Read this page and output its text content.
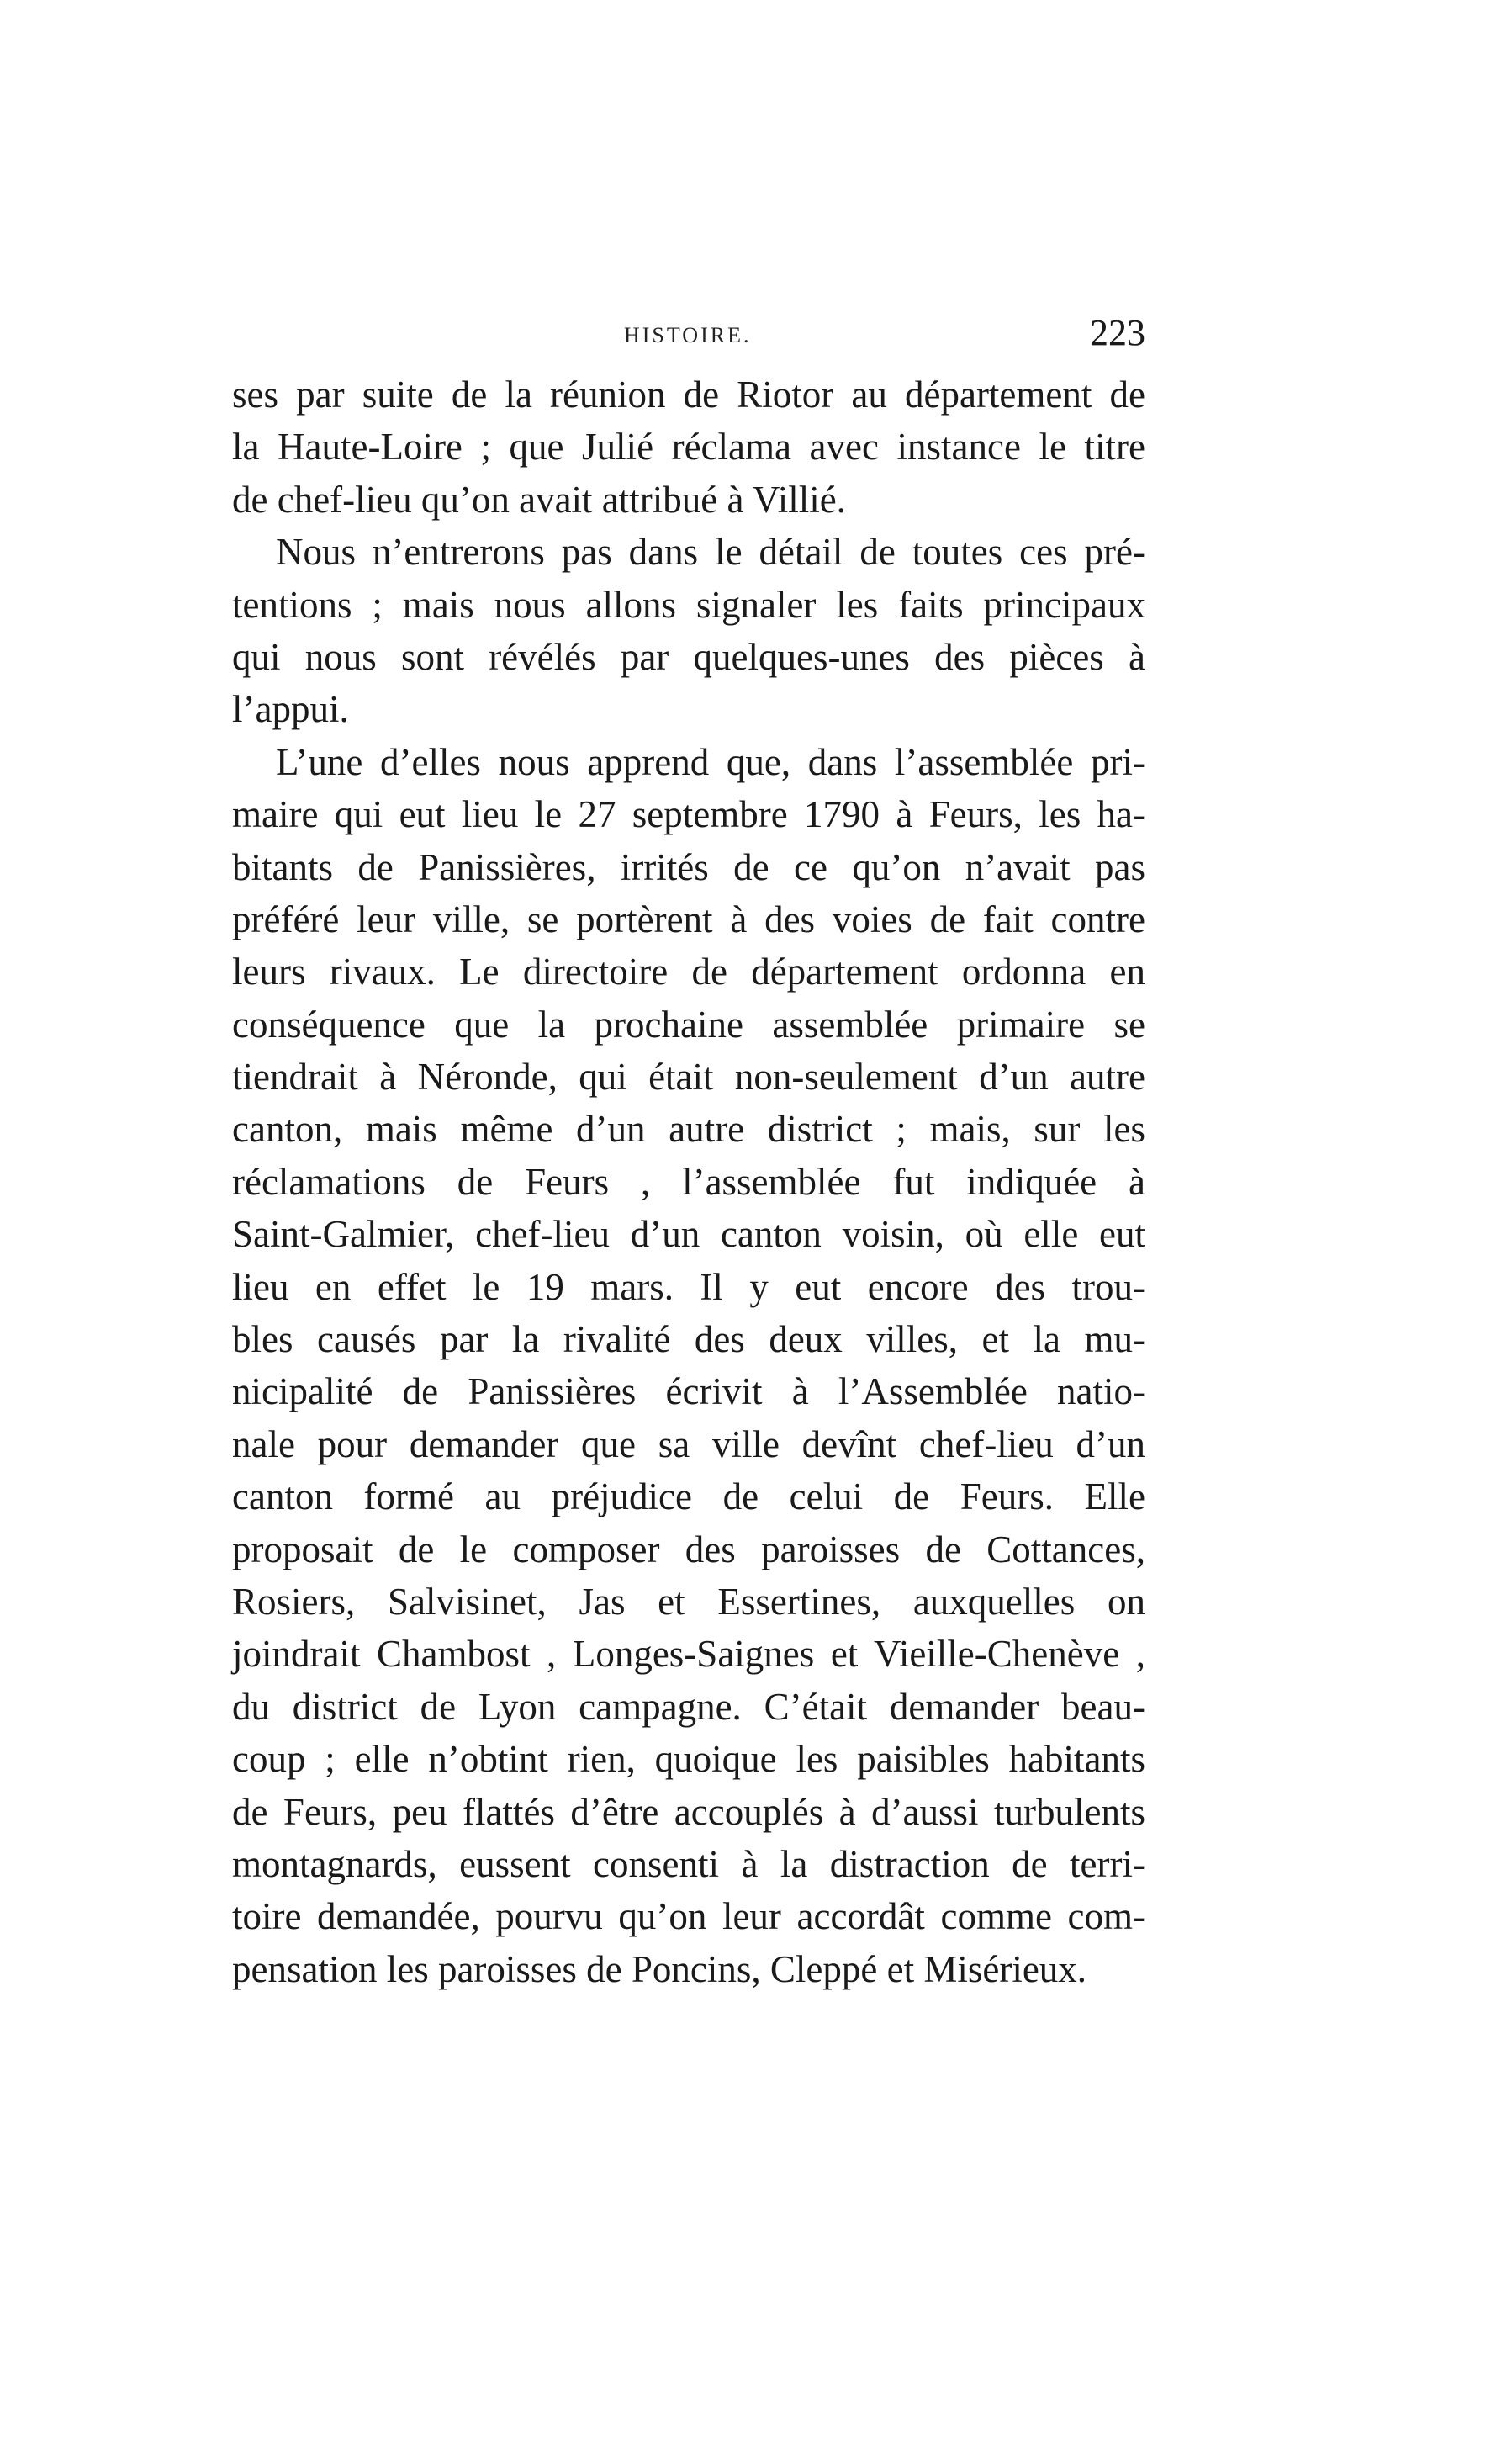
HISTOIRE.	223
ses par suite de la réunion de Riotor au département de
la Haute-Loire ; que Julié réclama avec instance le titre
de chef-lieu qu’on avait attribué à Villié.
Nous n’entrerons pas dans le détail de toutes ces pré-
tentions ; mais nous allons signaler les faits principaux
qui nous sont révélés par quelques-unes des pièces à
l’appui.
L’une d’elles nous apprend que, dans l’assemblée pri-
maire qui eut lieu le 27 septembre 1790 à Feurs, les ha-
bitants de Panissières, irrités de ce qu’on n’avait pas
préféré leur ville, se portèrent à des voies de fait contre
leurs rivaux. Le directoire de département ordonna en
conséquence que la prochaine assemblée primaire se
tiendrait à Néronde, qui était non-seulement d’un autre
canton, mais même d’un autre district ; mais, sur les
réclamations de Feurs , l’assemblée fut indiquée à
Saint-Galmier, chef-lieu d’un canton voisin, où elle eut
lieu en effet le 19 mars. Il y eut encore des trou-
bles causés par la rivalité des deux villes, et la mu-
nicipalité de Panissières écrivit à l’Assemblée natio-
nale pour demander que sa ville devînt chef-lieu d’un
canton formé au préjudice de celui de Feurs. Elle
proposait de le composer des paroisses de Cottances,
Rosiers, Salvisinet, Jas et Essertines, auxquelles on
joindrait Chambost , Longes-Saignes et Vieille-Chenève ,
du district de Lyon campagne. C’était demander beau-
coup ; elle n’obtint rien, quoique les paisibles habitants
de Feurs, peu flattés d’être accouplés à d’aussi turbulents
montagnards, eussent consenti à la distraction de terri-
toire demandée, pourvu qu’on leur accordât comme com-
pensation les paroisses de Poncins, Cleppé et Misérieux.
